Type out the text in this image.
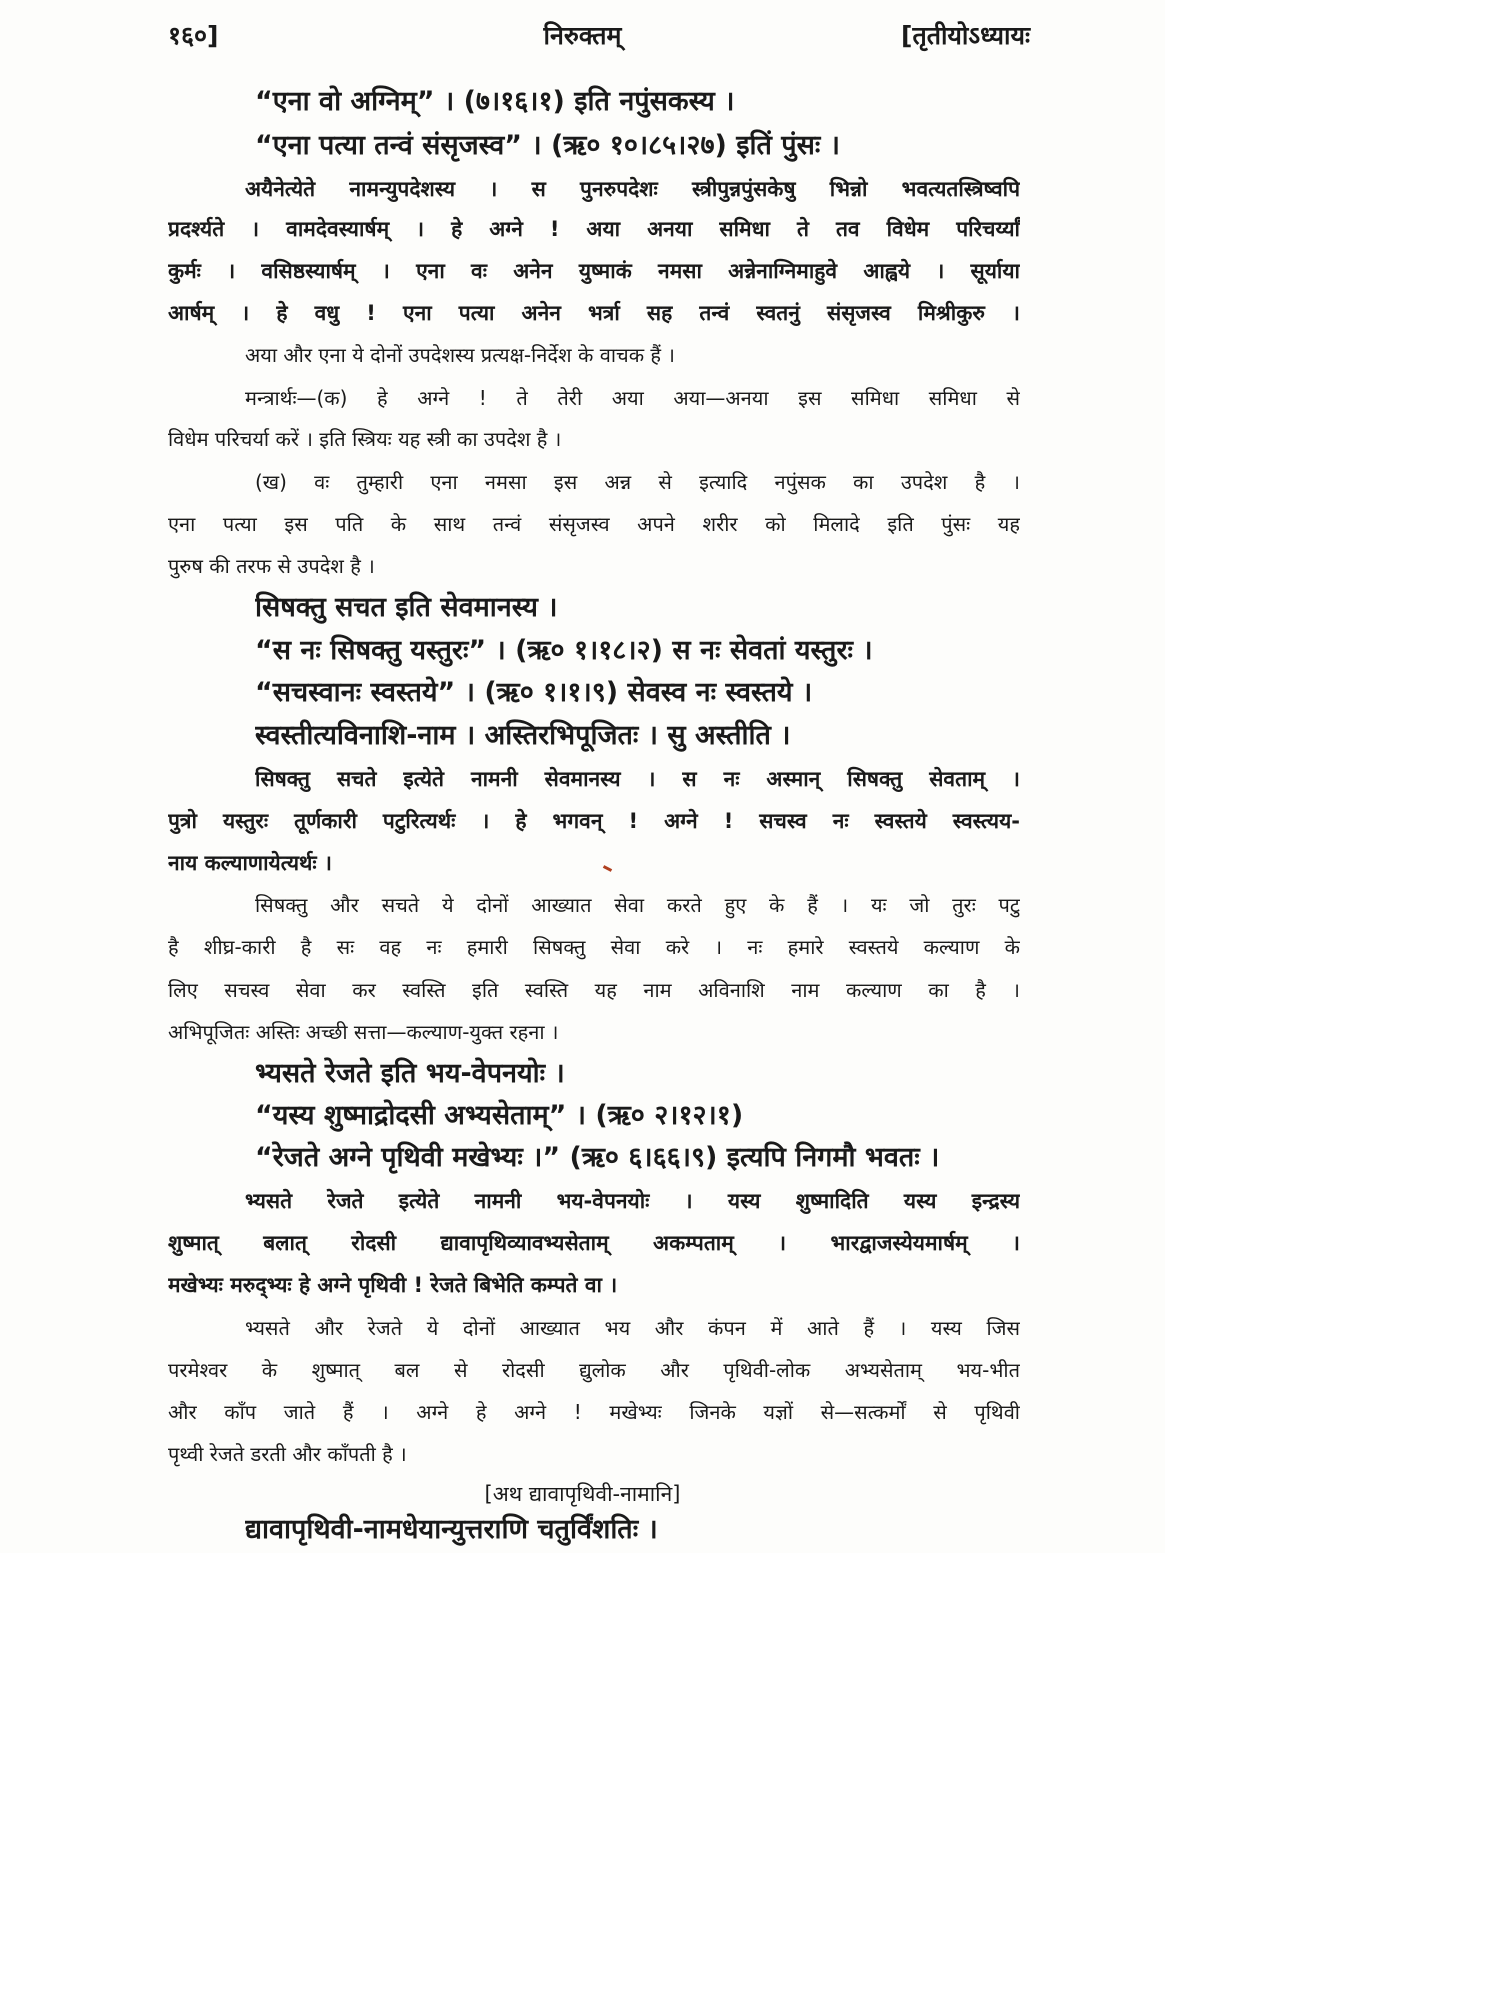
१६०]	निरुक्तम्	[तृतीयोऽध्यायः
“एना वो अग्निम्” । (७।१६।१) इति नपुंसकस्य ।
“एना पत्या तन्वं संसृजस्व” । (ऋ० १०।८५।२७) इतिं पुंसः ।
अयैनेत्येते नामन्युपदेशस्य । स पुनरुपदेशः स्त्रीपुन्नपुंसकेषु भिन्नो भवत्यतस्त्रिष्वपि
प्रदर्श्यते । वामदेवस्यार्षम् । हे अग्ने ! अया अनया समिधा ते तव विधेम परिचर्य्यां
कुर्मः । वसिष्ठस्यार्षम् । एना वः अनेन युष्माकं नमसा अन्नेनाग्निमाहुवे आह्वये । सूर्याया
आर्षम् । हे वधु ! एना पत्या अनेन भर्त्रा सह तन्वं स्वतनुं संसृजस्व मिश्रीकुरु ।
अया और एना ये दोनों उपदेशस्य प्रत्यक्ष-निर्देश के वाचक हैं ।
मन्त्रार्थः—(क) हे अग्ने ! ते तेरी अया अया—अनया इस समिधा समिधा से
विधेम परिचर्या करें । इति स्त्रियः यह स्त्री का उपदेश है ।
(ख) वः तुम्हारी एना नमसा इस अन्न से इत्यादि नपुंसक का उपदेश है ।
एना पत्या इस पति के साथ तन्वं संसृजस्व अपने शरीर को मिलादे इति पुंसः यह
पुरुष की तरफ से उपदेश है ।
सिषक्तु सचत इति सेवमानस्य ।
“स नः सिषक्तु यस्तुरः” । (ऋ० १।१८।२) स नः सेवतां यस्तुरः ।
“सचस्वानः स्वस्तये” । (ऋ० १।१।९) सेवस्व नः स्वस्तये ।
स्वस्तीत्यविनाशि-नाम । अस्तिरभिपूजितः । सु अस्तीति ।
सिषक्तु सचते इत्येते नामनी सेवमानस्य । स नः अस्मान् सिषक्तु सेवताम् ।
पुत्रो यस्तुरः तूर्णकारी पटुरित्यर्थः । हे भगवन् ! अग्ने ! सचस्व नः स्वस्तये स्वस्त्यय-
नाय कल्याणायेत्यर्थः ।
सिषक्तु और सचते ये दोनों आख्यात सेवा करते हुए के हैं । यः जो तुरः पटु
है शीघ्र-कारी है सः वह नः हमारी सिषक्तु सेवा करे । नः हमारे स्वस्तये कल्याण के
लिए सचस्व सेवा कर स्वस्ति इति स्वस्ति यह नाम अविनाशि नाम कल्याण का है ।
अभिपूजितः अस्तिः अच्छी सत्ता—कल्याण-युक्त रहना ।
भ्यसते रेजते इति भय-वेपनयोः ।
“यस्य शुष्माद्रोदसी अभ्यसेताम्” । (ऋ० २।१२।१)
“रेजते अग्ने पृथिवी मखेभ्यः ।” (ऋ० ६।६६।९) इत्यपि निगमौ भवतः ।
भ्यसते रेजते इत्येते नामनी भय-वेपनयोः । यस्य शुष्मादिति यस्य इन्द्रस्य
शुष्मात् बलात् रोदसी द्यावापृथिव्यावभ्यसेताम् अकम्पताम् । भारद्वाजस्येयमार्षम् ।
मखेभ्यः मरुद्भ्यः हे अग्ने पृथिवी ! रेजते बिभेति कम्पते वा ।
भ्यसते और रेजते ये दोनों आख्यात भय और कंपन में आते हैं । यस्य जिस
परमेश्वर के शुष्मात् बल से रोदसी द्युलोक और पृथिवी-लोक अभ्यसेताम् भय-भीत
और काँप जाते हैं । अग्ने हे अग्ने ! मखेभ्यः जिनके यज्ञों से—सत्कर्मों से पृथिवी
पृथ्वी रेजते डरती और काँपती है ।
[अथ द्यावापृथिवी-नामानि]
द्यावापृथिवी-नामधेयान्युत्तराणि चतुर्विंशतिः ।
